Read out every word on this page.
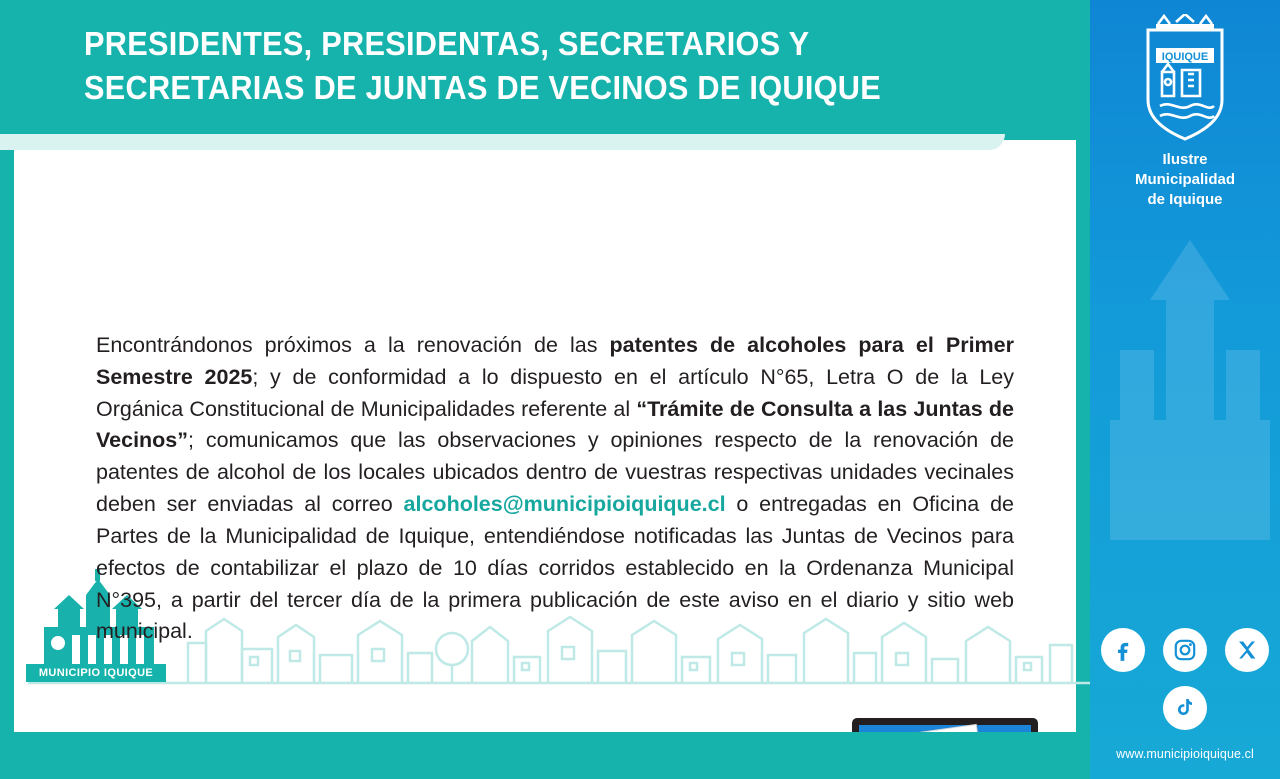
MUNICIPIO IQUIQUE
Encontrándonos próximos a la renovación de las patentes de alcoholes para el Primer Semestre 2025; y de conformidad a lo dispuesto en el artículo N°65, Letra O de la Ley Orgánica Constitucional de Municipalidades referente al “Trámite de Consulta a las Juntas de Vecinos”; comunicamos que las observaciones y opiniones respecto de la renovación de patentes de alcohol de los locales ubicados dentro de vuestras respectivas unidades vecinales deben ser enviadas al correo alcoholes@municipioiquique.cl o entregadas en Oficina de Partes de la Municipalidad de Iquique, entendiéndose notificadas las Juntas de Vecinos para efectos de contabilizar el plazo de 10 días corridos establecido en la Ordenanza Municipal N°395, a partir del tercer día de la primera publicación de este aviso en el diario y sitio web municipal.
PRESIDENTES, PRESIDENTAS, SECRETARIOS Y
SECRETARIAS DE JUNTAS DE VECINOS DE IQUIQUE
IQUIQUE
Ilustre
Municipalidad
de Iquique
www.municipioiquique.cl
